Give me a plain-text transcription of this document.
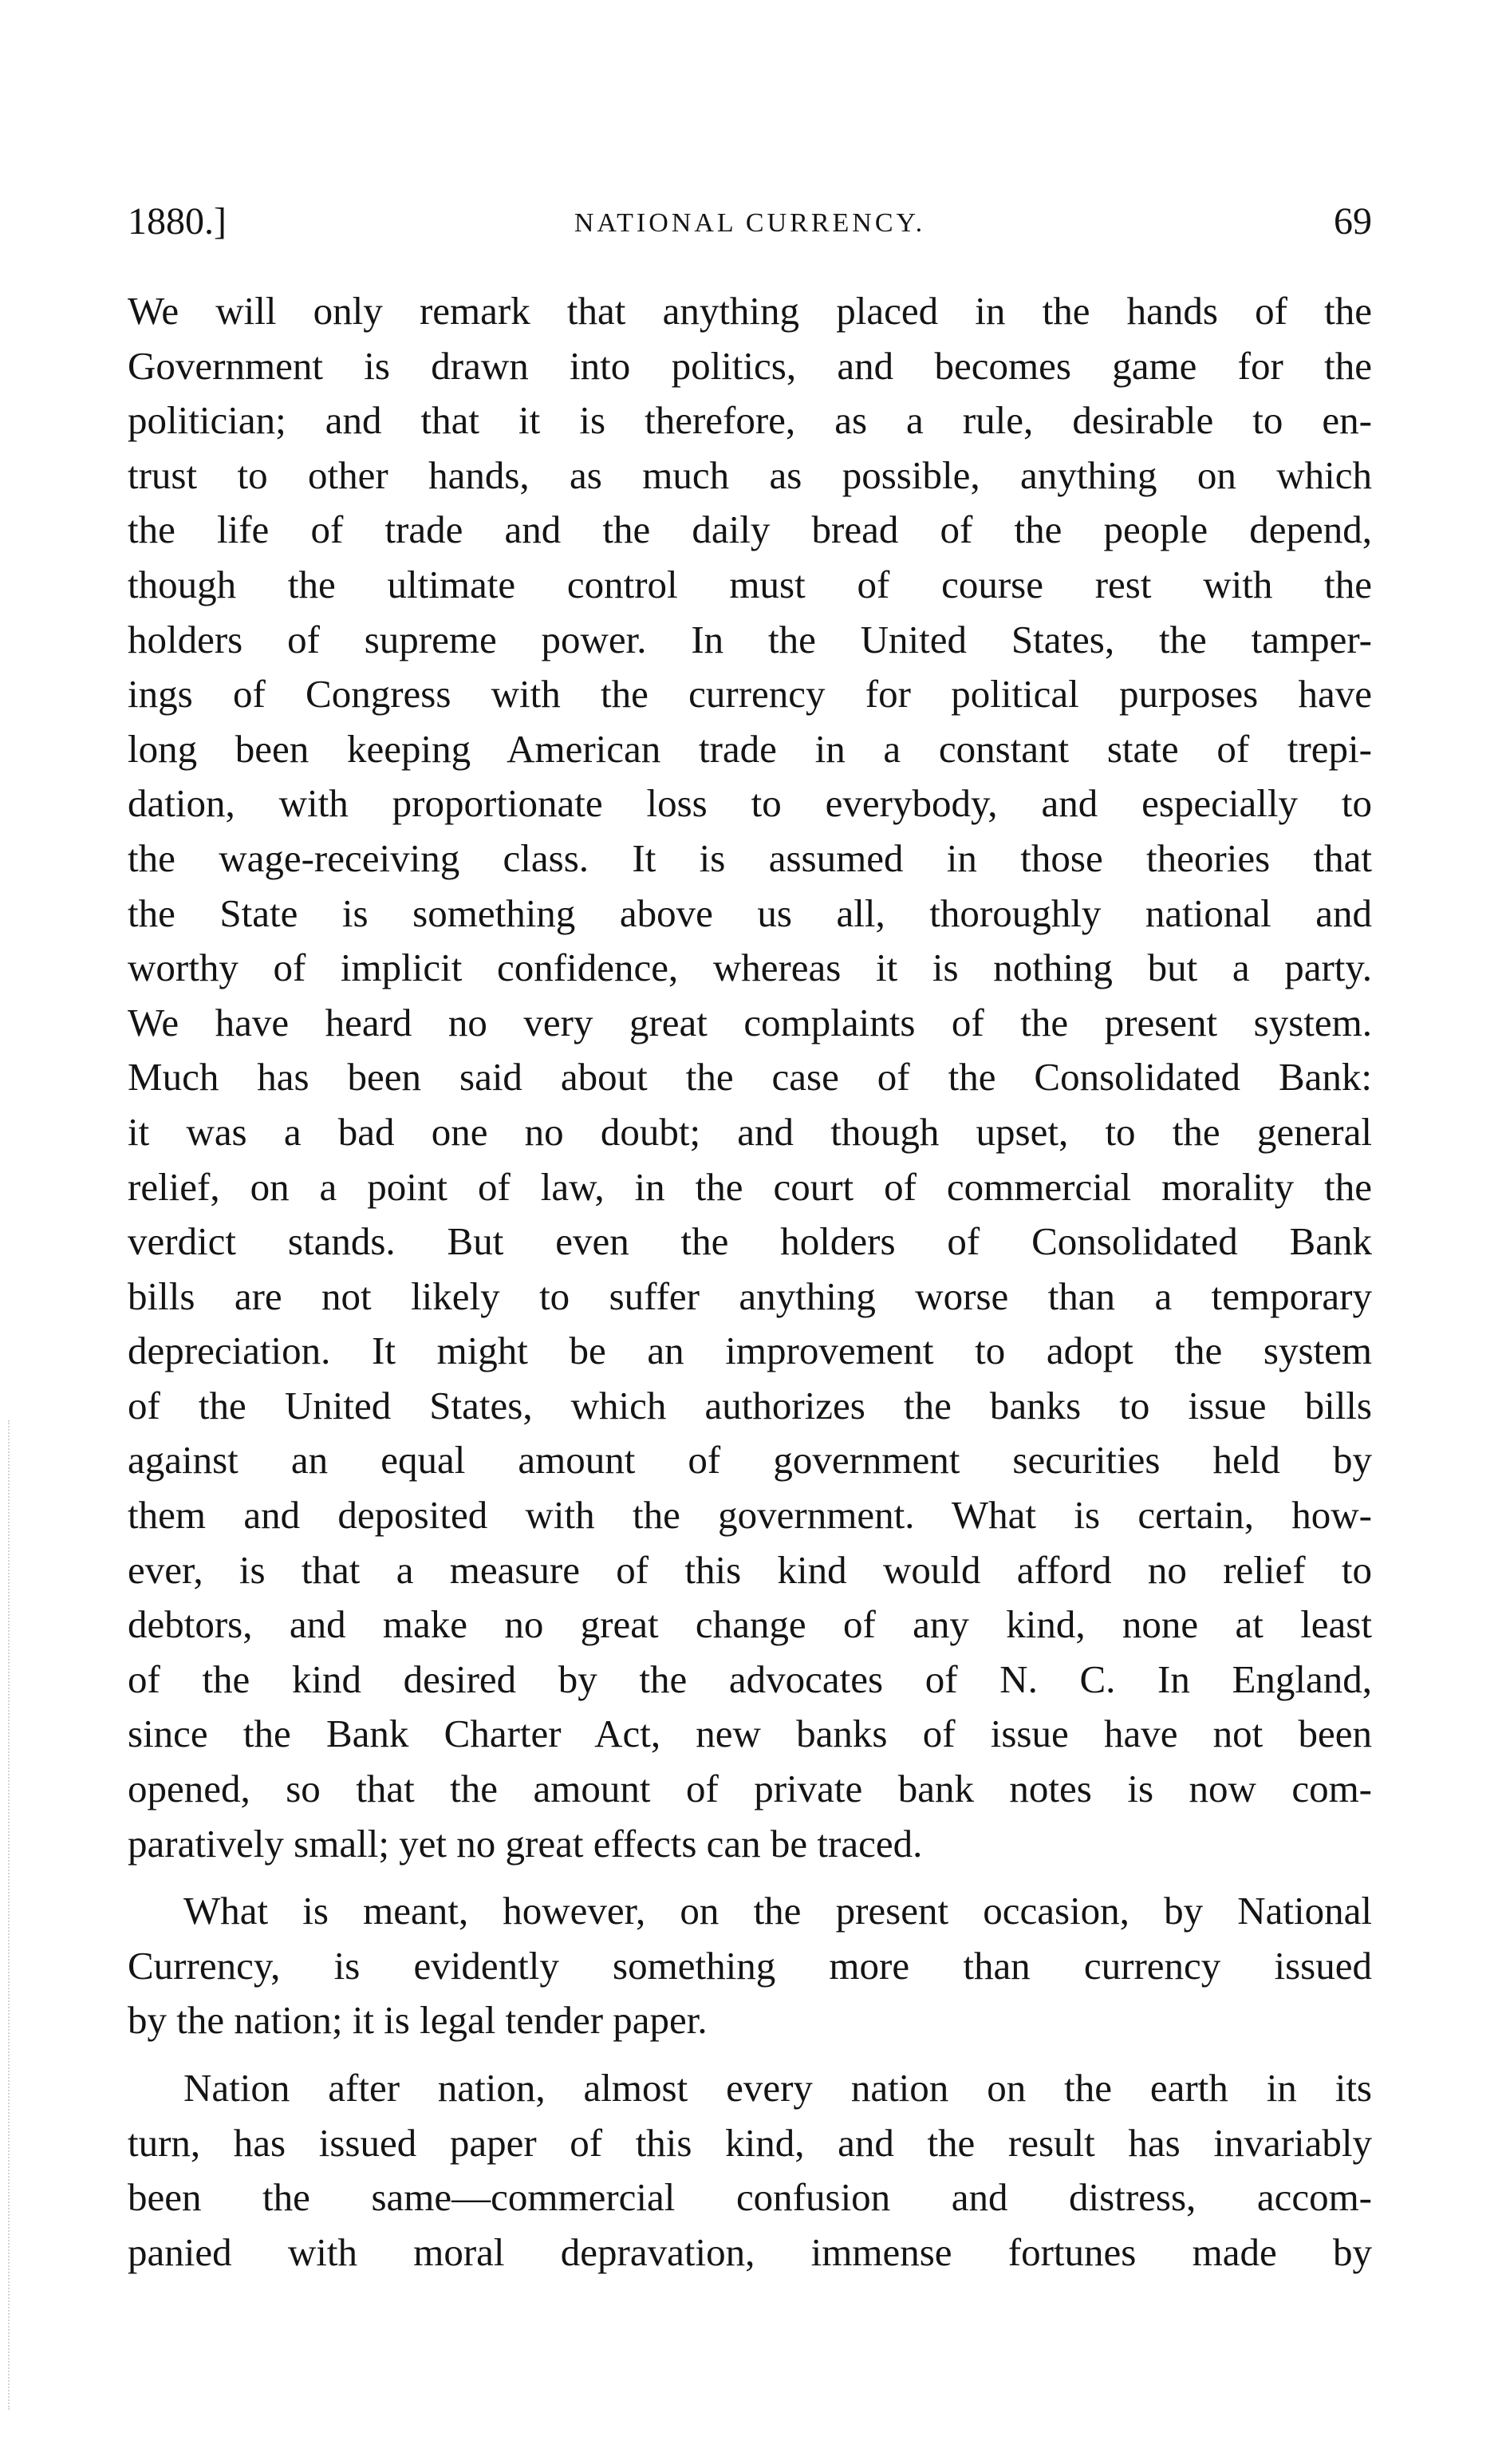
1880.]	NATIONAL CURRENCY.	69
We will only remark that anything placed in the hands of the
Government is drawn into politics, and becomes game for the
politician; and that it is therefore, as a rule, desirable to en-
trust to other hands, as much as possible, anything on which
the life of trade and the daily bread of the people depend,
though the ultimate control must of course rest with the
holders of supreme power. In the United States, the tamper-
ings of Congress with the currency for political purposes have
long been keeping American trade in a constant state of trepi-
dation, with proportionate loss to everybody, and especially to
the wage-receiving class. It is assumed in those theories that
the State is something above us all, thoroughly national and
worthy of implicit confidence, whereas it is nothing but a party.
We have heard no very great complaints of the present system.
Much has been said about the case of the Consolidated Bank:
it was a bad one no doubt; and though upset, to the general
relief, on a point of law, in the court of commercial morality the
verdict stands. But even the holders of Consolidated Bank
bills are not likely to suffer anything worse than a temporary
depreciation. It might be an improvement to adopt the system
of the United States, which authorizes the banks to issue bills
against an equal amount of government securities held by
them and deposited with the government. What is certain, how-
ever, is that a measure of this kind would afford no relief to
debtors, and make no great change of any kind, none at least
of the kind desired by the advocates of N. C. In England,
since the Bank Charter Act, new banks of issue have not been
opened, so that the amount of private bank notes is now com-
paratively small; yet no great effects can be traced.
What is meant, however, on the present occasion, by National
Currency, is evidently something more than currency issued
by the nation; it is legal tender paper.
Nation after nation, almost every nation on the earth in its
turn, has issued paper of this kind, and the result has invariably
been the same—commercial confusion and distress, accom-
panied with moral depravation, immense fortunes made by
